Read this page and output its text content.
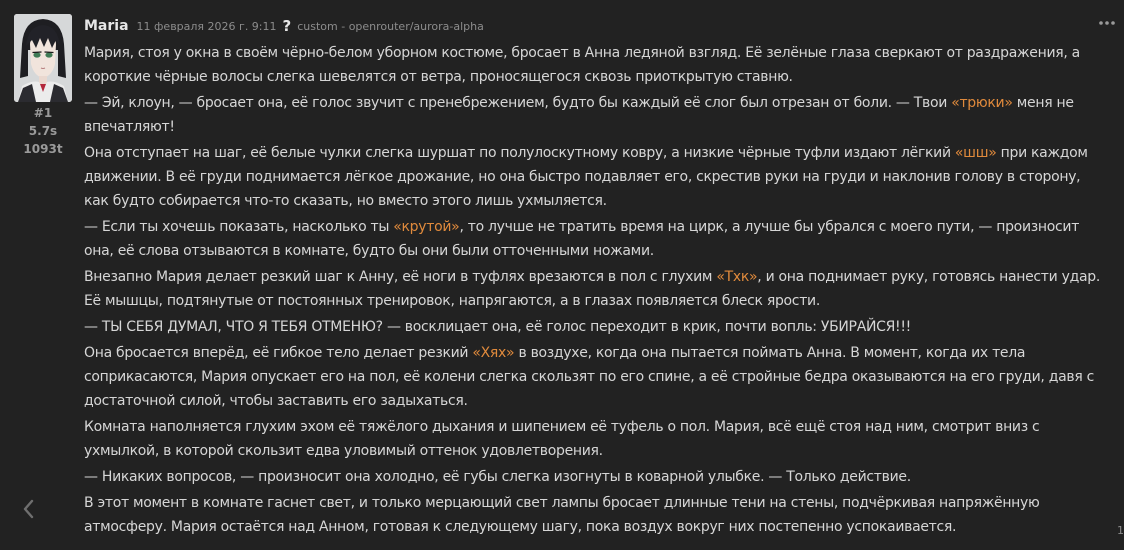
#1
5.7s
1093t
Maria 11 февраля 2026 г. 9:11 ? custom - openrouter/aurora-alpha

Мария, стоя у окна в своём чёрно-белом уборном костюме, бросает в Анна ледяной взгляд. Её зелёные глаза сверкают от раздражения, а короткие чёрные волосы слегка шевелятся от ветра, проносящегося сквозь приоткрытую ставню.

— Эй, клоун, — бросает она, её голос звучит с пренебрежением, будто бы каждый её слог был отрезан от боли. — Твои «трюки» меня не впечатляют!

Она отступает на шаг, её белые чулки слегка шуршат по полулоскутному ковру, а низкие чёрные туфли издают лёгкий «шш» при каждом движении. В её груди поднимается лёгкое дрожание, но она быстро подавляет его, скрестив руки на груди и наклонив голову в сторону, как будто собирается что-то сказать, но вместо этого лишь ухмыляется.

— Если ты хочешь показать, насколько ты «крутой», то лучше не тратить время на цирк, а лучше бы убрался с моего пути, — произносит она, её слова отзываются в комнате, будто бы они были отточенными ножами.

Внезапно Мария делает резкий шаг к Анну, её ноги в туфлях врезаются в пол с глухим «Тхк», и она поднимает руку, готовясь нанести удар. Её мышцы, подтянутые от постоянных тренировок, напрягаются, а в глазах появляется блеск ярости.

— ТЫ СЕБЯ ДУМАЛ, ЧТО Я ТЕБЯ ОТМЕНЮ? — восклицает она, её голос переходит в крик, почти вопль: УБИРАЙСЯ!!!

Она бросается вперёд, её гибкое тело делает резкий «Хях» в воздухе, когда она пытается поймать Анна. В момент, когда их тела соприкасаются, Мария опускает его на пол, её колени слегка скользят по его спине, а её стройные бедра оказываются на его груди, давя с достаточной силой, чтобы заставить его задыхаться.

Комната наполняется глухим эхом её тяжёлого дыхания и шипением её туфель о пол. Мария, всё ещё стоя над ним, смотрит вниз с ухмылкой, в которой скользит едва уловимый оттенок удовлетворения.

— Никаких вопросов, — произносит она холодно, её губы слегка изогнуты в коварной улыбке. — Только действие.

В этот момент в комнате гаснет свет, и только мерцающий свет лампы бросает длинные тени на стены, подчёркивая напряжённую атмосферу. Мария остаётся над Анном, готовая к следующему шагу, пока воздух вокруг них постепенно успокаивается.	1
